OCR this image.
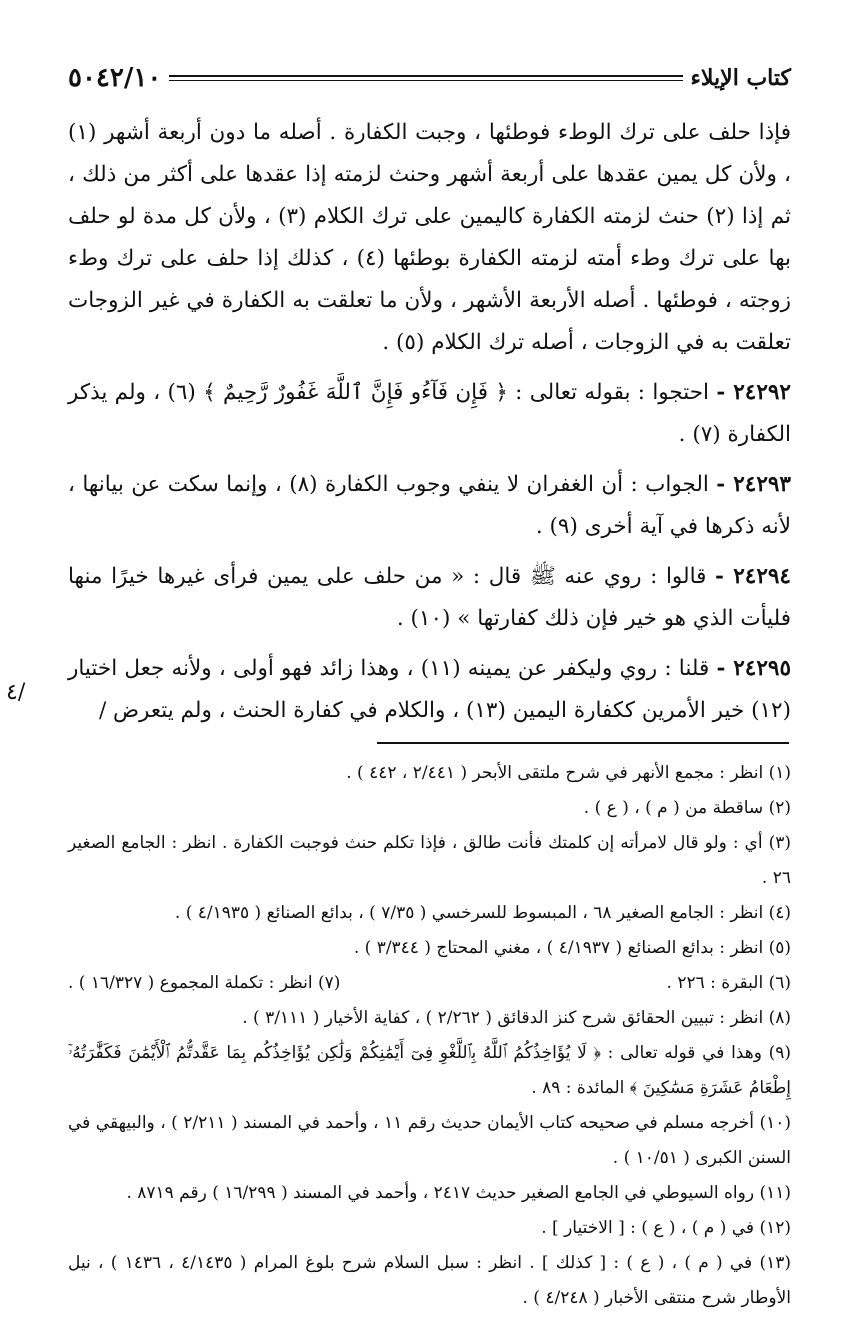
كتاب الإيلاء
٥٠٤٢/١٠

فإذا حلف على ترك الوطء فوطئها ، وجبت الكفارة . أصله ما دون أربعة أشهر (١) ، ولأن كل يمين عقدها على أربعة أشهر وحنث لزمته إذا عقدها على أكثر من ذلك ، ثم إذا (٢) حنث لزمته الكفارة كاليمين على ترك الكلام (٣) ، ولأن كل مدة لو حلف بها على ترك وطء أمته لزمته الكفارة بوطئها (٤) ، كذلك إذا حلف على ترك وطء زوجته ، فوطئها . أصله الأربعة الأشهر ، ولأن ما تعلقت به الكفارة في غير الزوجات تعلقت به في الزوجات ، أصله ترك الكلام (٥) .

٢٤٢٩٢ - احتجوا : بقوله تعالى : ﴿ فَإِن فَآءُو فَإِنَّ ٱللَّهَ غَفُورٌ رَّحِيمٌ ﴾ (٦) ، ولم يذكر الكفارة (٧) .

٢٤٢٩٣ - الجواب : أن الغفران لا ينفي وجوب الكفارة (٨) ، وإنما سكت عن بيانها ، لأنه ذكرها في آية أخرى (٩) .

٢٤٢٩٤ - قالوا : روي عنه ﷺ قال : « من حلف على يمين فرأى غيرها خيرًا منها فليأت الذي هو خير فإن ذلك كفارتها » (١٠) .

٢٤٢٩٥ - قلنا : روي وليكفر عن يمينه (١١) ، وهذا زائد فهو أولى ، ولأنه جعل اختيار (١٢) خير الأمرين ككفارة اليمين (١٣) ، والكلام في كفارة الحنث ، ولم يتعرض /

٤/

(١) انظر : مجمع الأنهر في شرح ملتقى الأبحر ( ٢/٤٤١ ، ٤٤٢ ) .

(٢) ساقطة من ( م ) ، ( ع ) .

(٣) أي : ولو قال لامرأته إن كلمتك فأنت طالق ، فإذا تكلم حنث فوجبت الكفارة . انظر : الجامع الصغير ٢٦ .

(٤) انظر : الجامع الصغير ٦٨ ، المبسوط للسرخسي ( ٧/٣٥ ) ، بدائع الصنائع ( ٤/١٩٣٥ ) .

(٥) انظر : بدائع الصنائع ( ٤/١٩٣٧ ) ، مغني المحتاج ( ٣/٣٤٤ ) .

(٦) البقرة : ٢٢٦ .

(٧) انظر : تكملة المجموع ( ١٦/٣٢٧ ) .

(٨) انظر : تبيين الحقائق شرح كنز الدقائق ( ٢/٢٦٢ ) ، كفاية الأخيار ( ٣/١١١ ) .

(٩) وهذا في قوله تعالى : ﴿ لَا يُؤَاخِذُكُمُ ٱللَّهُ بِٱللَّغْوِ فِىٓ أَيْمَٰنِكُمْ وَلَٰكِن يُؤَاخِذُكُم بِمَا عَقَّدتُّمُ ٱلْأَيْمَٰنَ فَكَفَّٰرَتُهُۥٓ إِطْعَامُ عَشَرَةِ مَسَٰكِينَ ﴾ المائدة : ٨٩ .

(١٠) أخرجه مسلم في صحيحه كتاب الأيمان حديث رقم ١١ ، وأحمد في المسند ( ٢/٢١١ ) ، والبيهقي في السنن الكبرى ( ١٠/٥١ ) .

(١١) رواه السيوطي في الجامع الصغير حديث ٢٤١٧ ، وأحمد في المسند ( ١٦/٢٩٩ ) رقم ٨٧١٩ .

(١٢) في ( م ) ، ( ع ) : [ الاختيار ] .

(١٣) في ( م ) ، ( ع ) : [ كذلك ] . انظر : سبل السلام شرح بلوغ المرام ( ٤/١٤٣٥ ، ١٤٣٦ ) ، نيل الأوطار شرح منتقى الأخبار ( ٤/٢٤٨ ) .
